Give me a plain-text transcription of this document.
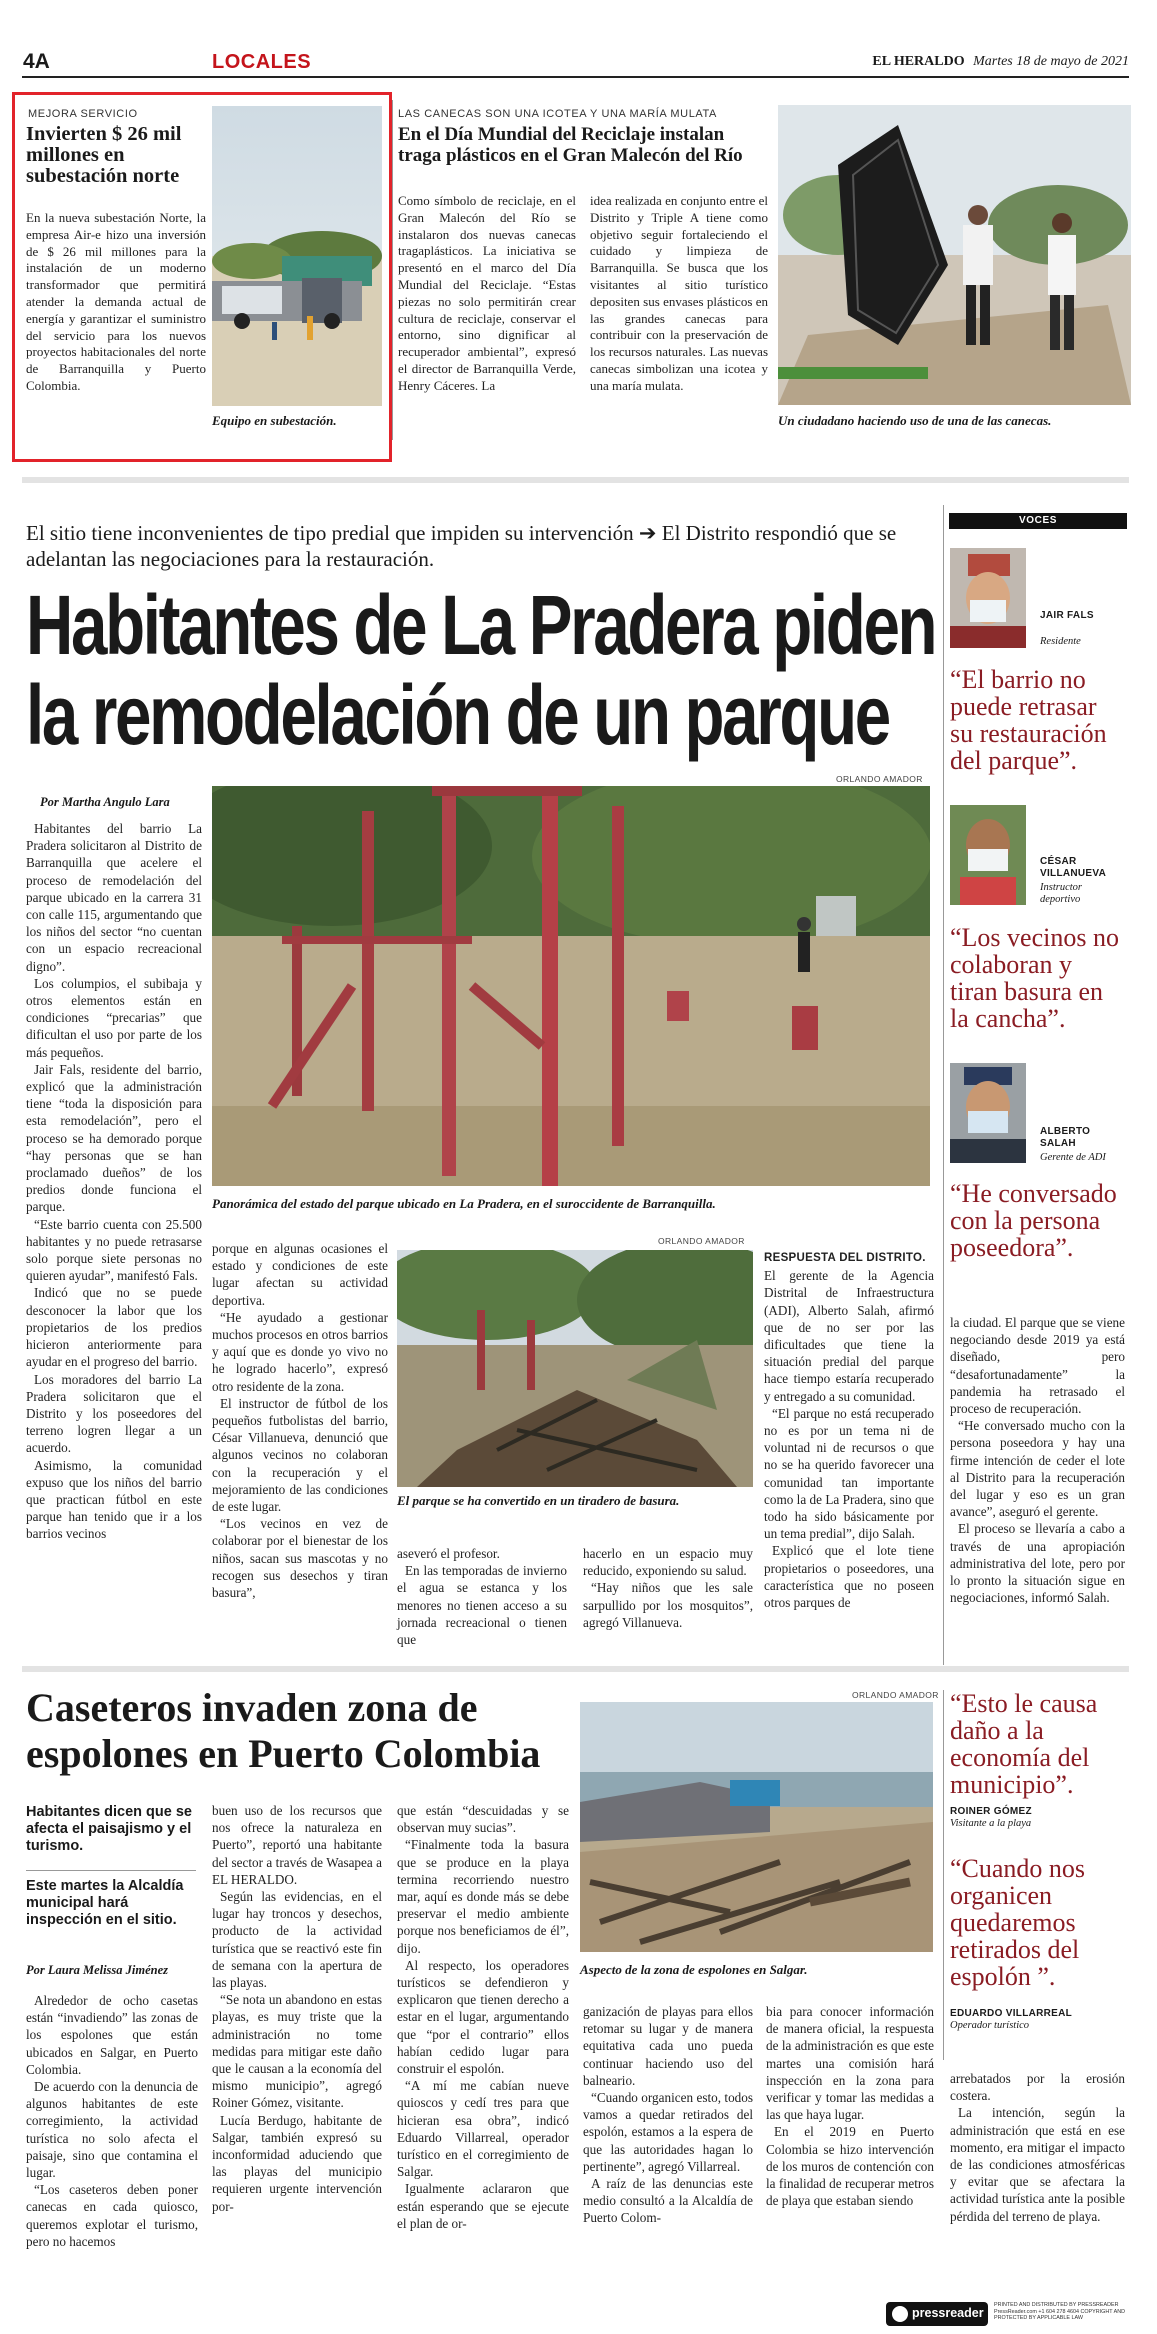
4A	LOCALES	EL HERALDO Martes 18 de mayo de 2021
MEJORA SERVICIO
Invierten $ 26 mil millones en subestación norte
En la nueva subestación Norte, la empresa Air-e hizo una inversión de $ 26 mil millones para la instalación de un moderno transformador que permitirá atender la demanda actual de energía y garantizar el suministro del servicio para los nuevos proyectos habitacionales del norte de Barranquilla y Puerto Colombia.
Equipo en subestación.
LAS CANECAS SON UNA ICOTEA Y UNA MARÍA MULATA
En el Día Mundial del Reciclaje instalan traga plásticos en el Gran Malecón del Río
Como símbolo de reciclaje, en el Gran Malecón del Río se instalaron dos nuevas canecas tragaplásticos. La iniciativa se presentó en el marco del Día Mundial del Reciclaje. “Estas piezas no solo permitirán crear cultura de reciclaje, conservar el entorno, sino dignificar al recuperador ambiental”, expresó el director de Barranquilla Verde, Henry Cáceres. La
idea realizada en conjunto entre el Distrito y Triple A tiene como objetivo seguir fortaleciendo el cuidado y limpieza de Barranquilla. Se busca que los visitantes al sitio turístico depositen sus envases plásticos en las grandes canecas para contribuir con la preservación de los recursos naturales. Las nuevas canecas simbolizan una icotea y una maría mulata.
Un ciudadano haciendo uso de una de las canecas.
El sitio tiene inconvenientes de tipo predial que impiden su intervención ➔ El Distrito respondió que se adelantan las negociaciones para la restauración.
Habitantes de La Pradera piden
la remodelación de un parque
Por Martha Angulo Lara

Habitantes del barrio La Pradera solicitaron al Distrito de Barranquilla que acelere el proceso de remodelación del parque ubicado en la carrera 31 con calle 115, argumentando que los niños del sector “no cuentan con un espacio recreacional digno”.

Los columpios, el subibaja y otros elementos están en condiciones “precarias” que dificultan el uso por parte de los más pequeños.

Jair Fals, residente del barrio, explicó que la administración tiene “toda la disposición para esta remodelación”, pero el proceso se ha demorado porque “hay personas que se han proclamado dueños” de los predios donde funciona el parque.

“Este barrio cuenta con 25.500 habitantes y no puede retrasarse solo porque siete personas no quieren ayudar”, manifestó Fals.

Indicó que no se puede desconocer la labor que los propietarios de los predios hicieron anteriormente para ayudar en el progreso del barrio.

Los moradores del barrio La Pradera solicitaron que el Distrito y los poseedores del terreno logren llegar a un acuerdo.

Asimismo, la comunidad expuso que los niños del barrio que practican fútbol en este parque han tenido que ir a los barrios vecinos

ORLANDO AMADOR
Panorámica del estado del parque ubicado en La Pradera, en el suroccidente de Barranquilla.

porque en algunas ocasiones el estado y condiciones de este lugar afectan su actividad deportiva.

“He ayudado a gestionar muchos procesos en otros barrios y aquí que es donde yo vivo no he logrado hacerlo”, expresó otro residente de la zona.

El instructor de fútbol de los pequeños futbolistas del barrio, César Villanueva, denunció que algunos vecinos no colaboran con la recuperación y el mejoramiento de las condiciones de este lugar.

“Los vecinos en vez de colaborar por el bienestar de los niños, sacan sus mascotas y no recogen sus desechos y tiran basura”,

ORLANDO AMADOR
El parque se ha convertido en un tiradero de basura.

aseveró el profesor.

En las temporadas de invierno el agua se estanca y los menores no tienen acceso a su jornada recreacional o tienen que

hacerlo en un espacio muy reducido, exponiendo su salud.

“Hay niños que les sale sarpullido por los mosquitos”, agregó Villanueva.

RESPUESTA DEL DISTRITO.

El gerente de la Agencia Distrital de Infraestructura (ADI), Alberto Salah, afirmó que de no ser por las dificultades que tiene la situación predial del parque hace tiempo estaría recuperado y entregado a su comunidad.

“El parque no está recuperado no es por un tema ni de voluntad ni de recursos o que no se ha querido favorecer una comunidad tan importante como la de La Pradera, sino que todo ha sido básicamente por un tema predial”, dijo Salah.

Explicó que el lote tiene propietarios o poseedores, una característica que no poseen otros parques de

VOCES
JAIR FALS
Residente
“El barrio no puede retrasar su restauración del parque”.
CÉSAR VILLANUEVA
Instructor deportivo
“Los vecinos no colaboran y tiran basura en la cancha”.
ALBERTO SALAH
Gerente de ADI
“He conversado con la persona poseedora”.

la ciudad. El parque que se viene negociando desde 2019 ya está diseñado, pero “desafortunadamente” la pandemia ha retrasado el proceso de recuperación.

“He conversado mucho con la persona poseedora y hay una firme intención de ceder el lote al Distrito para la recuperación del lugar y eso es un gran avance”, aseguró el gerente.

El proceso se llevaría a cabo a través de una apropiación administrativa del lote, pero por lo pronto la situación sigue en negociaciones, informó Salah.

Caseteros invaden zona de
espolones en Puerto Colombia
Habitantes dicen que se afecta el paisajismo y el turismo.
Este martes la Alcaldía municipal hará inspección en el sitio.
Por Laura Melissa Jiménez

Alrededor de ocho casetas están “invadiendo” las zonas de los espolones que están ubicados en Salgar, en Puerto Colombia.

De acuerdo con la denuncia de algunos habitantes de este corregimiento, la actividad turística no solo afecta el paisaje, sino que contamina el lugar.

“Los caseteros deben poner canecas en cada quiosco, queremos explotar el turismo, pero no hacemos

buen uso de los recursos que nos ofrece la naturaleza en Puerto”, reportó una habitante del sector a través de Wasapea a EL HERALDO.

Según las evidencias, en el lugar hay troncos y desechos, producto de la actividad turística que se reactivó este fin de semana con la apertura de las playas.

“Se nota un abandono en estas playas, es muy triste que la administración no tome medidas para mitigar este daño que le causan a la economía del mismo municipio”, agregó Roiner Gómez, visitante.

Lucía Berdugo, habitante de Salgar, también expresó su inconformidad aduciendo que las playas del municipio requieren urgente intervención por-

que están “descuidadas y se observan muy sucias”.

“Finalmente toda la basura que se produce en la playa termina recorriendo nuestro mar, aquí es donde más se debe preservar el medio ambiente porque nos beneficiamos de él”, dijo.

Al respecto, los operadores turísticos se defendieron y explicaron que tienen derecho a estar en el lugar, argumentando que “por el contrario” ellos habían cedido lugar para construir el espolón.

“A mí me cabían nueve quioscos y cedí tres para que hicieran esa obra”, indicó Eduardo Villarreal, operador turístico en el corregimiento de Salgar.

Igualmente aclararon que están esperando que se ejecute el plan de or-

ORLANDO AMADOR
Aspecto de la zona de espolones en Salgar.

ganización de playas para ellos retomar su lugar y de manera equitativa cada uno pueda continuar haciendo uso del balneario.

“Cuando organicen esto, todos vamos a quedar retirados del espolón, estamos a la espera de que las autoridades hagan lo pertinente”, agregó Villarreal.

A raíz de las denuncias este medio consultó a la Alcaldía de Puerto Colom-

bia para conocer información de manera oficial, la respuesta de la administración es que este martes una comisión hará inspección en la zona para verificar y tomar las medidas a las que haya lugar.

En el 2019 en Puerto Colombia se hizo intervención de los muros de contención con la finalidad de recuperar metros de playa que estaban siendo

“Esto le causa daño a la economía del municipio”.
ROINER GÓMEZ
Visitante a la playa
“Cuando nos organicen quedaremos retirados del espolón ”.
EDUARDO VILLARREAL
Operador turístico

arrebatados por la erosión costera.

La intención, según la administración que está en ese momento, era mitigar el impacto de las condiciones atmosféricas y evitar que se afectara la actividad turística ante la posible pérdida del terreno de playa.

pressreader
PRINTED AND DISTRIBUTED BY PRESSREADER PressReader.com +1 604 278 4604 COPYRIGHT AND PROTECTED BY APPLICABLE LAW
